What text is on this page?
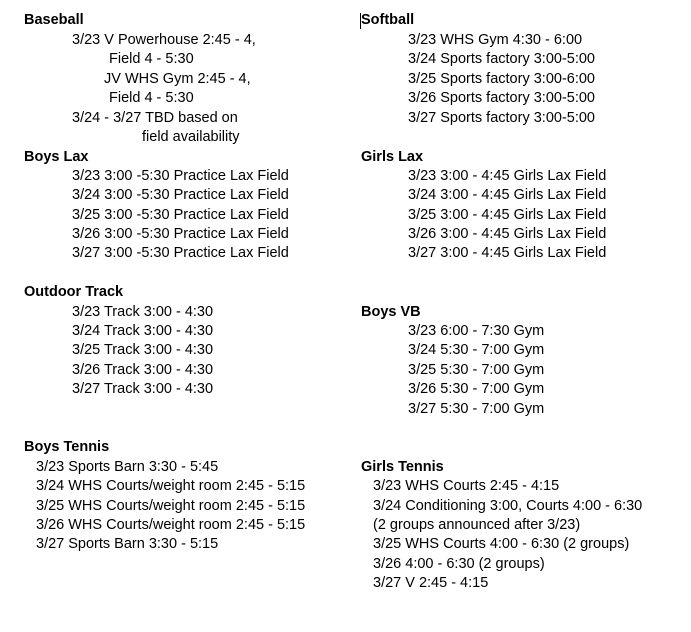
Baseball
3/23 V Powerhouse 2:45 - 4,
Field 4 - 5:30
JV WHS Gym 2:45 - 4,
Field 4 - 5:30
3/24 - 3/27 TBD based on
field availability
Softball
3/23 WHS Gym 4:30 - 6:00
3/24 Sports factory 3:00-5:00
3/25 Sports factory 3:00-6:00
3/26 Sports factory 3:00-5:00
3/27 Sports factory 3:00-5:00
Boys Lax
3/23 3:00 -5:30 Practice Lax Field
3/24 3:00 -5:30 Practice Lax Field
3/25 3:00 -5:30 Practice Lax Field
3/26 3:00 -5:30 Practice Lax Field
3/27 3:00 -5:30 Practice Lax Field
Girls Lax
3/23 3:00 - 4:45 Girls Lax Field
3/24 3:00 - 4:45 Girls Lax Field
3/25 3:00 - 4:45 Girls Lax Field
3/26 3:00 - 4:45 Girls Lax Field
3/27 3:00 - 4:45 Girls Lax Field
Outdoor Track
3/23 Track 3:00 - 4:30
3/24 Track 3:00 - 4:30
3/25 Track 3:00 - 4:30
3/26 Track 3:00 - 4:30
3/27 Track 3:00 - 4:30
Boys VB
3/23 6:00 - 7:30 Gym
3/24 5:30 - 7:00 Gym
3/25 5:30 - 7:00 Gym
3/26 5:30 - 7:00 Gym
3/27 5:30 - 7:00 Gym
Boys Tennis
3/23 Sports Barn 3:30 - 5:45
3/24 WHS Courts/weight room 2:45 - 5:15
3/25 WHS Courts/weight room 2:45 - 5:15
3/26 WHS Courts/weight room 2:45 - 5:15
3/27 Sports Barn 3:30 - 5:15
Girls Tennis
3/23 WHS Courts 2:45 - 4:15
3/24 Conditioning 3:00, Courts 4:00 - 6:30
(2 groups announced after 3/23)
3/25 WHS Courts 4:00 - 6:30 (2 groups)
3/26 4:00 - 6:30 (2 groups)
3/27 V 2:45 - 4:15
